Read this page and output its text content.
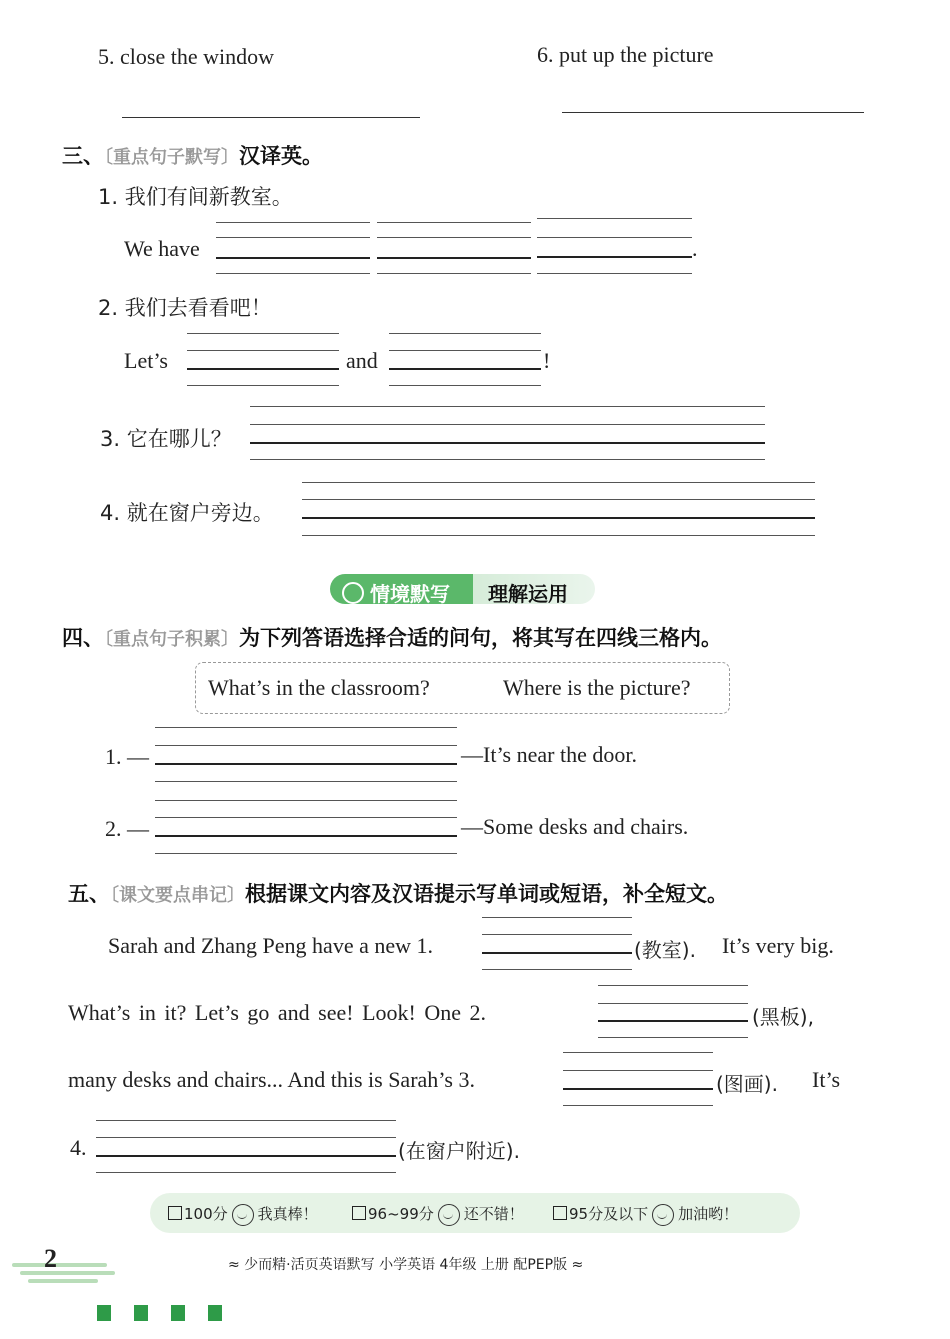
5. close the window	6. put up the picture
三、〔重点句子默写〕汉译英。
1. 我们有间新教室。
We have	.
2. 我们去看看吧！
Let’s	and	!
3. 它在哪儿？
4. 就在窗户旁边。
情境默写 理解运用
四、〔重点句子积累〕为下列答语选择合适的问句，将其写在四线三格内。
What’s in the classroom?	Where is the picture?
1. —	—It’s near the door.
2. —	—Some desks and chairs.
五、〔课文要点串记〕根据课文内容及汉语提示写单词或短语，补全短文。
Sarah and Zhang Peng have a new 1.	(教室). It’s very big.
What’s in it? Let’s go and see! Look! One 2.	(黑板),
many desks and chairs... And this is Sarah’s 3.	(图画). It’s
4.	(在窗户附近).
100分 我真棒！	96~99分 还不错！	95分及以下 加油哟！
2	≈ 少而精·活页英语默写 小学英语 4年级 上册 配PEP版 ≈
